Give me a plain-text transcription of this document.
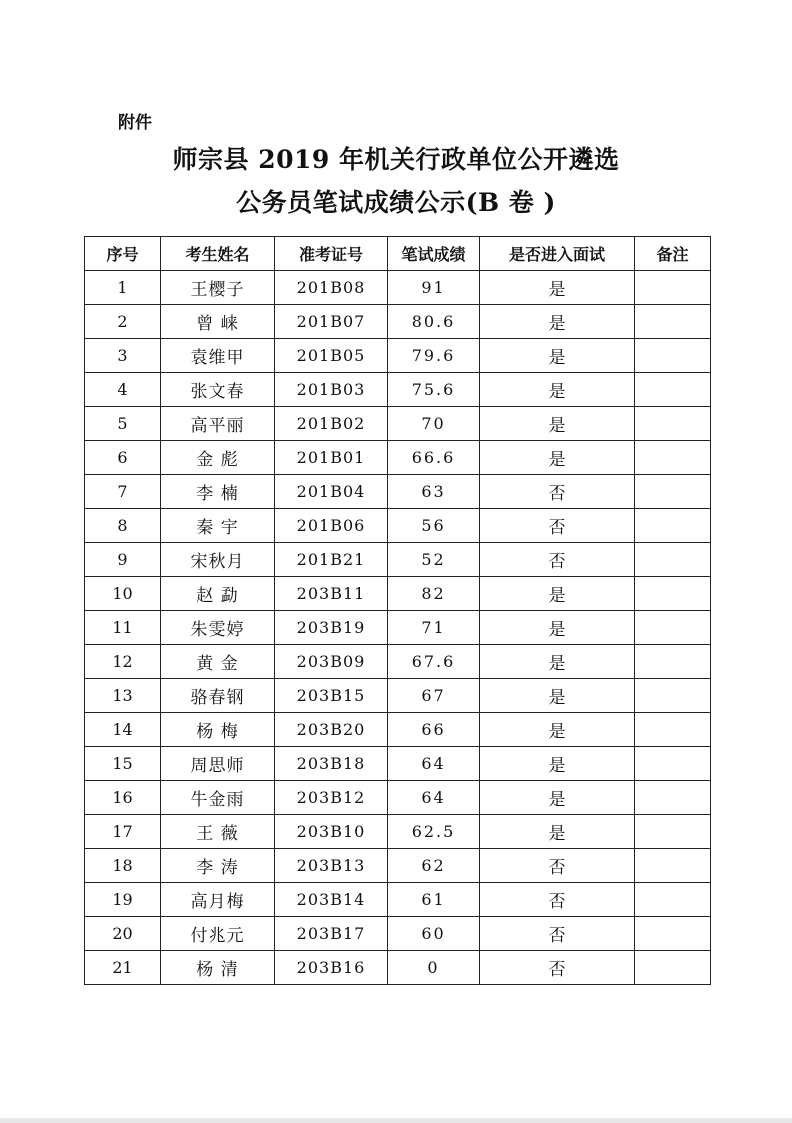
附件
师宗县 2019 年机关行政单位公开遴选
公务员笔试成绩公示(B 卷 )
序号	考生姓名	准考证号	笔试成绩	是否进入面试	备注
1	王樱子	201B08	91	是	
2	曾 崃	201B07	80.6	是	
3	袁维甲	201B05	79.6	是	
4	张文春	201B03	75.6	是	
5	高平丽	201B02	70	是	
6	金 彪	201B01	66.6	是	
7	李 楠	201B04	63	否	
8	秦 宇	201B06	56	否	
9	宋秋月	201B21	52	否	
10	赵 勐	203B11	82	是	
11	朱雯婷	203B19	71	是	
12	黄 金	203B09	67.6	是	
13	骆春钢	203B15	67	是	
14	杨 梅	203B20	66	是	
15	周思师	203B18	64	是	
16	牛金雨	203B12	64	是	
17	王 薇	203B10	62.5	是	
18	李 涛	203B13	62	否	
19	高月梅	203B14	61	否	
20	付兆元	203B17	60	否	
21	杨 清	203B16	0	否	
